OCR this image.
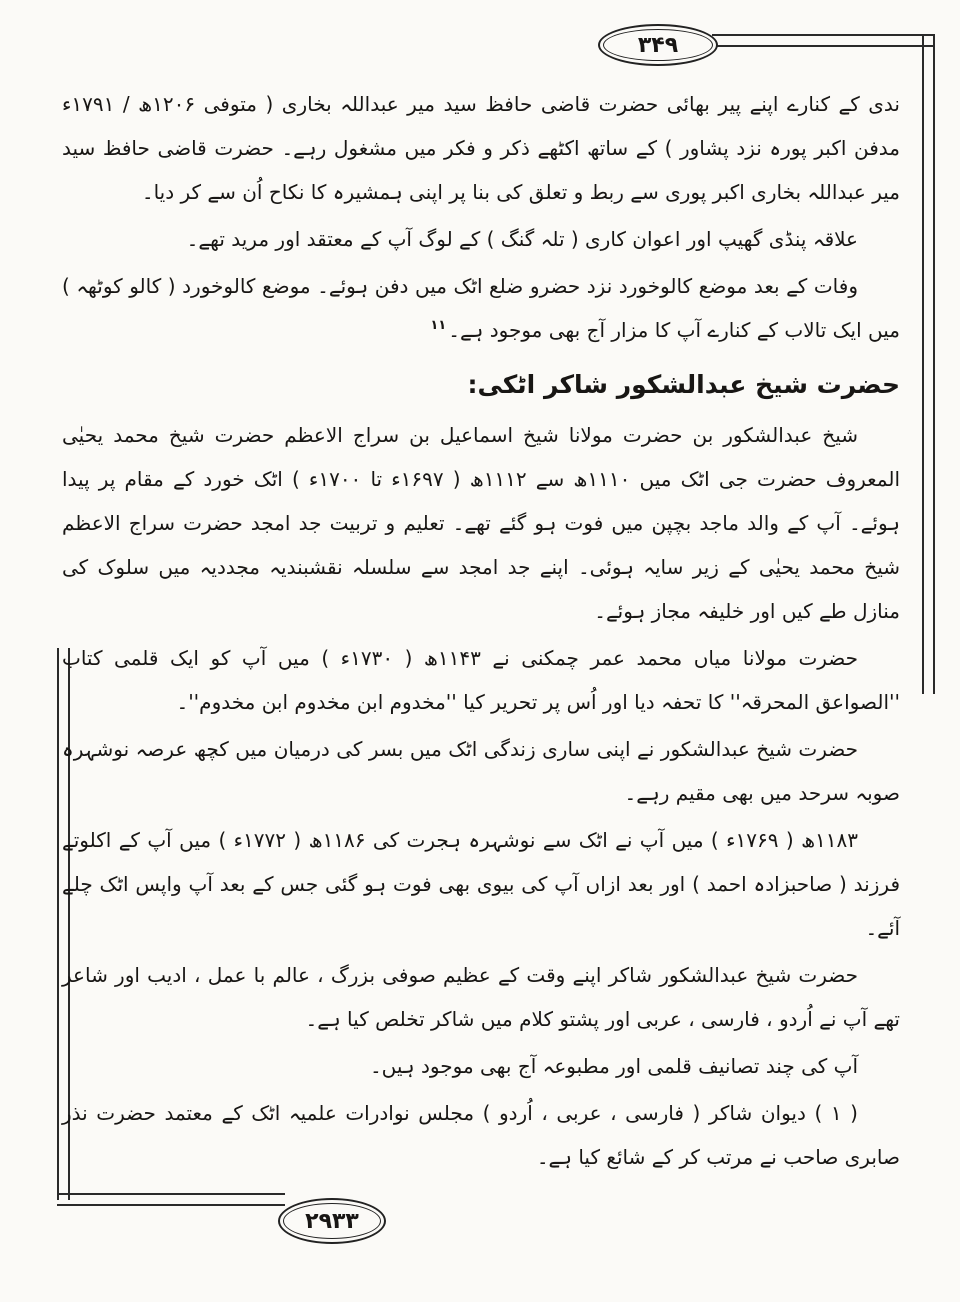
۳۴۹
۲۹۳۳

ندی کے کنارے اپنے پیر بھائی حضرت قاضی حافظ سید میر عبداللہ بخاری ( متوفی ۱۲۰۶ھ / ۱۷۹۱ء مدفن اکبر پورہ نزد پشاور ) کے ساتھ اکٹھے ذکر و فکر میں مشغول رہے۔ حضرت قاضی حافظ سید میر عبداللہ بخاری اکبر پوری سے ربط و تعلق کی بنا پر اپنی ہمشیرہ کا نکاح اُن سے کر دیا۔

علاقہ پنڈی گھیپ اور اعوان کاری ( تلہ گنگ ) کے لوگ آپ کے معتقد اور مرید تھے۔

وفات کے بعد موضع کالوخورد نزد حضرو ضلع اٹک میں دفن ہوئے۔ موضع کالوخورد ( کالو کوٹھہ ) میں ایک تالاب کے کنارے آپ کا مزار آج بھی موجود ہے۔$^{۱۱}$

حضرت شیخ عبدالشکور شاکر اٹکی:

شیخ عبدالشکور بن حضرت مولانا شیخ اسماعیل بن سراج الاعظم حضرت شیخ محمد یحیٰی المعروف حضرت جی اٹک میں ۱۱۱۰ھ سے ۱۱۱۲ھ ( ۱۶۹۷ء تا ۱۷۰۰ء ) اٹک خورد کے مقام پر پیدا ہوئے۔ آپ کے والد ماجد بچپن میں فوت ہو گئے تھے۔ تعلیم و تربیت جد امجد حضرت سراج الاعظم شیخ محمد یحیٰی کے زیر سایہ ہوئی۔ اپنے جد امجد سے سلسلہ نقشبندیہ مجددیہ میں سلوک کی منازل طے کیں اور خلیفہ مجاز ہوئے۔

حضرت مولانا میاں محمد عمر چمکنی نے ۱۱۴۳ھ ( ۱۷۳۰ء ) میں آپ کو ایک قلمی کتاب ''الصواعق المحرقہ'' کا تحفہ دیا اور اُس پر تحریر کیا ''مخدوم ابن مخدوم ابن مخدوم''۔

حضرت شیخ عبدالشکور نے اپنی ساری زندگی اٹک میں بسر کی درمیان میں کچھ عرصہ نوشہرہ صوبہ سرحد میں بھی مقیم رہے۔

۱۱۸۳ھ ( ۱۷۶۹ء ) میں آپ نے اٹک سے نوشہرہ ہجرت کی ۱۱۸۶ھ ( ۱۷۷۲ء ) میں آپ کے اکلوتے فرزند ( صاحبزادہ احمد ) اور بعد ازاں آپ کی بیوی بھی فوت ہو گئی جس کے بعد آپ واپس اٹک چلے آئے۔

حضرت شیخ عبدالشکور شاکر اپنے وقت کے عظیم صوفی بزرگ ، عالم با عمل ، ادیب اور شاعر تھے آپ نے اُردو ، فارسی ، عربی اور پشتو کلام میں شاکر تخلص کیا ہے۔

آپ کی چند تصانیف قلمی اور مطبوعہ آج بھی موجود ہیں۔

( ۱ ) دیوان شاکر ( فارسی ، عربی ، اُردو ) مجلس نوادرات علمیہ اٹک کے معتمد حضرت نذر صابری صاحب نے مرتب کر کے شائع کیا ہے۔
